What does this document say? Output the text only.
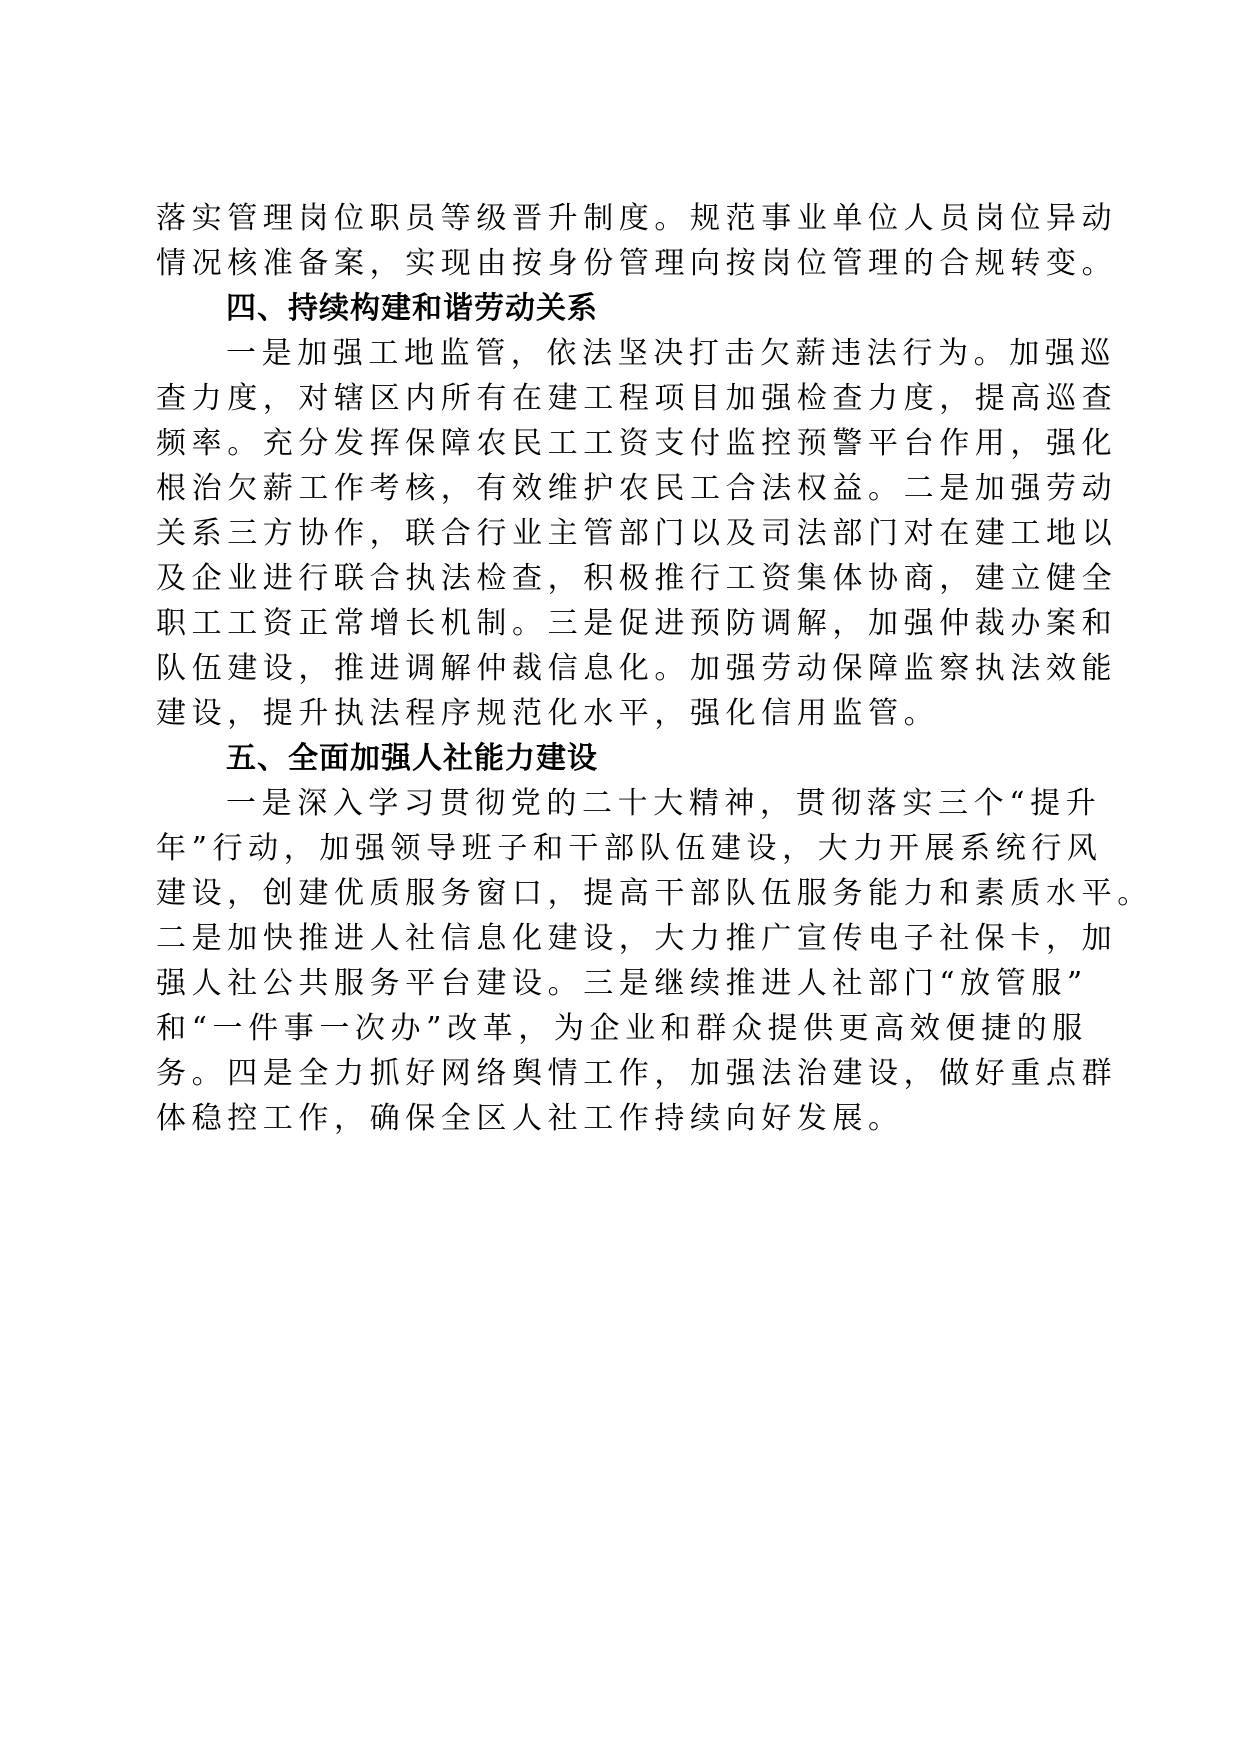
落实管理岗位职员等级晋升制度。规范事业单位人员岗位异动
情况核准备案，实现由按身份管理向按岗位管理的合规转变。
四、持续构建和谐劳动关系
一是加强工地监管，依法坚决打击欠薪违法行为。加强巡
查力度，对辖区内所有在建工程项目加强检查力度，提高巡查
频率。充分发挥保障农民工工资支付监控预警平台作用，强化
根治欠薪工作考核，有效维护农民工合法权益。二是加强劳动
关系三方协作，联合行业主管部门以及司法部门对在建工地以
及企业进行联合执法检查，积极推行工资集体协商，建立健全
职工工资正常增长机制。三是促进预防调解，加强仲裁办案和
队伍建设，推进调解仲裁信息化。加强劳动保障监察执法效能
建设，提升执法程序规范化水平，强化信用监管。
五、全面加强人社能力建设
一是深入学习贯彻党的二十大精神，贯彻落实三个“提升
年”行动，加强领导班子和干部队伍建设，大力开展系统行风
建设，创建优质服务窗口，提高干部队伍服务能力和素质水平。
二是加快推进人社信息化建设，大力推广宣传电子社保卡，加
强人社公共服务平台建设。三是继续推进人社部门“放管服”
和“一件事一次办”改革，为企业和群众提供更高效便捷的服
务。四是全力抓好网络舆情工作，加强法治建设，做好重点群
体稳控工作，确保全区人社工作持续向好发展。
